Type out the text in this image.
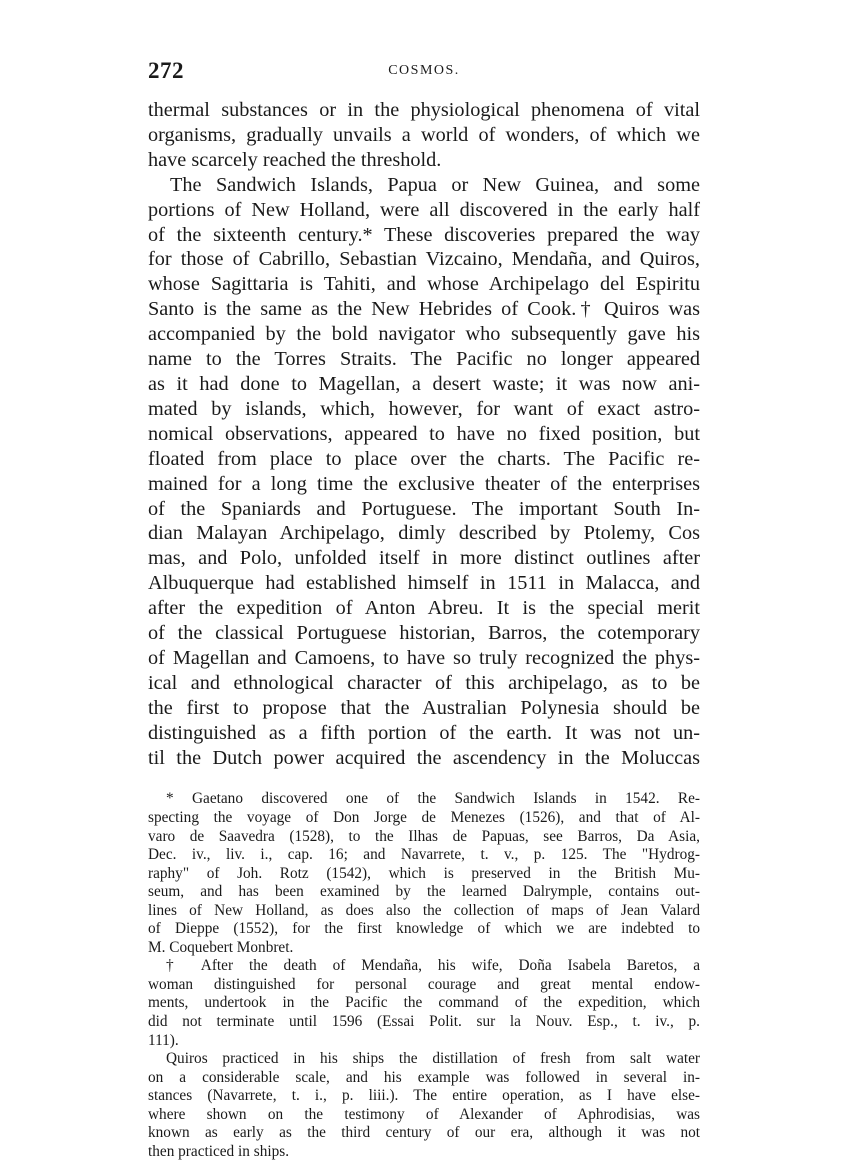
272	COSMOS.
thermal substances or in the physiological phenomena of vital
organisms, gradually unvails a world of wonders, of which we
have scarcely reached the threshold.
The Sandwich Islands, Papua or New Guinea, and some
portions of New Holland, were all discovered in the early half
of the sixteenth century.* These discoveries prepared the way
for those of Cabrillo, Sebastian Vizcaino, Mendaña, and Quiros,
whose Sagittaria is Tahiti, and whose Archipelago del Espiritu
Santo is the same as the New Hebrides of Cook.† Quiros was
accompanied by the bold navigator who subsequently gave his
name to the Torres Straits. The Pacific no longer appeared
as it had done to Magellan, a desert waste; it was now ani-
mated by islands, which, however, for want of exact astro-
nomical observations, appeared to have no fixed position, but
floated from place to place over the charts. The Pacific re-
mained for a long time the exclusive theater of the enterprises
of the Spaniards and Portuguese. The important South In-
dian Malayan Archipelago, dimly described by Ptolemy, Cos
mas, and Polo, unfolded itself in more distinct outlines after
Albuquerque had established himself in 1511 in Malacca, and
after the expedition of Anton Abreu. It is the special merit
of the classical Portuguese historian, Barros, the cotemporary
of Magellan and Camoens, to have so truly recognized the phys-
ical and ethnological character of this archipelago, as to be
the first to propose that the Australian Polynesia should be
distinguished as a fifth portion of the earth. It was not un-
til the Dutch power acquired the ascendency in the Moluccas
* Gaetano discovered one of the Sandwich Islands in 1542. Re-
specting the voyage of Don Jorge de Menezes (1526), and that of Al-
varo de Saavedra (1528), to the Ilhas de Papuas, see Barros, Da Asia,
Dec. iv., liv. i., cap. 16; and Navarrete, t. v., p. 125. The "Hydrog-
raphy" of Joh. Rotz (1542), which is preserved in the British Mu-
seum, and has been examined by the learned Dalrymple, contains out-
lines of New Holland, as does also the collection of maps of Jean Valard
of Dieppe (1552), for the first knowledge of which we are indebted to
M. Coquebert Monbret.
† After the death of Mendaña, his wife, Doña Isabela Baretos, a
woman distinguished for personal courage and great mental endow-
ments, undertook in the Pacific the command of the expedition, which
did not terminate until 1596 (Essai Polit. sur la Nouv. Esp., t. iv., p.
111).
Quiros practiced in his ships the distillation of fresh from salt water
on a considerable scale, and his example was followed in several in-
stances (Navarrete, t. i., p. liii.). The entire operation, as I have else-
where shown on the testimony of Alexander of Aphrodisias, was
known as early as the third century of our era, although it was not
then practiced in ships.
